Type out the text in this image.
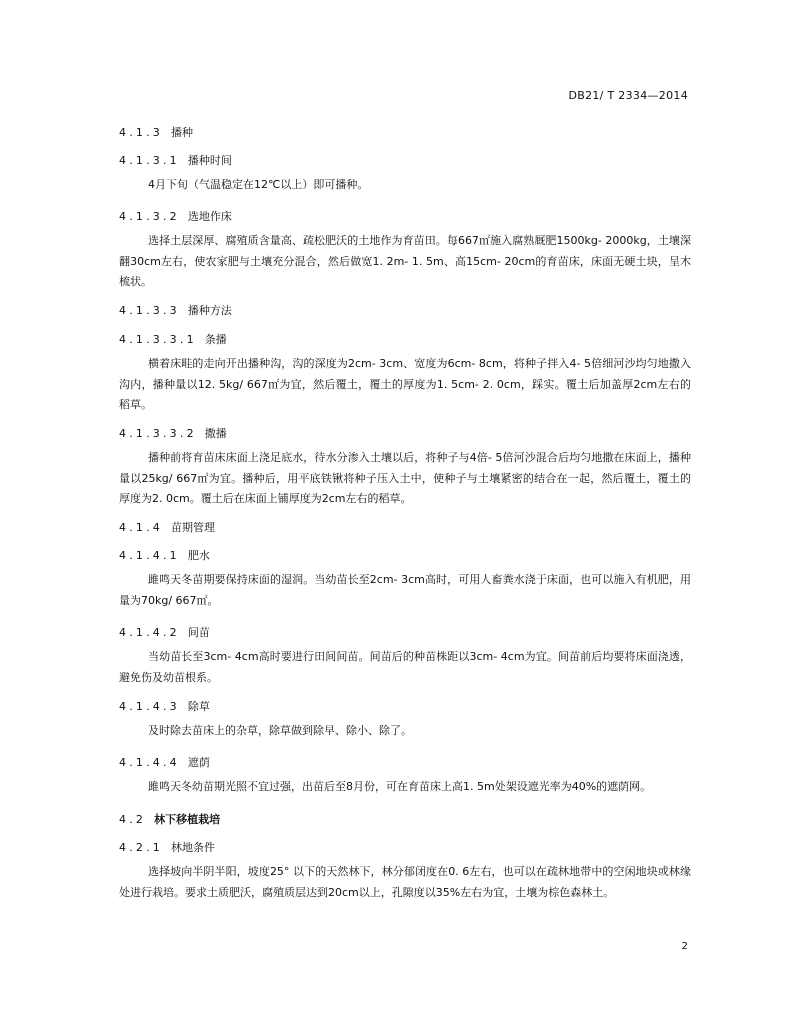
DB21/ T 2334—2014
4.1.3 播种
4.1.3.1 播种时间
4月下旬（气温稳定在12℃以上）即可播种。
4.1.3.2 选地作床
选择土层深厚、腐殖质含量高、疏松肥沃的土地作为育苗田。每667㎡施入腐熟厩肥1500kg- 2000kg，土壤深翻30cm左右，使农家肥与土壤充分混合，然后做宽1. 2m- 1. 5m、高15cm- 20cm的育苗床，床面无硬土块，呈木梳状。
4.1.3.3 播种方法
4.1.3.3.1 条播
横着床畦的走向开出播种沟，沟的深度为2cm- 3cm、宽度为6cm- 8cm，将种子拌入4- 5倍细河沙均匀地撒入沟内，播种量以12. 5kg/ 667㎡为宜，然后覆土，覆土的厚度为1. 5cm- 2. 0cm，踩实。覆土后加盖厚2cm左右的稻草。
4.1.3.3.2 撒播
播种前将育苗床床面上浇足底水，待水分渗入土壤以后，将种子与4倍- 5倍河沙混合后均匀地撒在床面上，播种量以25kg/ 667㎡为宜。播种后，用平底铁锹将种子压入土中，使种子与土壤紧密的结合在一起，然后覆土，覆土的厚度为2. 0cm。覆土后在床面上铺厚度为2cm左右的稻草。
4.1.4 苗期管理
4.1.4.1 肥水
雎鸣天冬苗期要保持床面的湿润。当幼苗长至2cm- 3cm高时，可用人畜粪水浇于床面，也可以施入有机肥，用量为70kg/ 667㎡。
4.1.4.2 间苗
当幼苗长至3cm- 4cm高时要进行田间间苗。间苗后的种苗株距以3cm- 4cm为宜。间苗前后均要将床面浇透，避免伤及幼苗根系。
4.1.4.3 除草
及时除去苗床上的杂草，除草做到除早、除小、除了。
4.1.4.4 遮荫
雎鸣天冬幼苗期光照不宜过强，出苗后至8月份，可在育苗床上高1. 5m处架设遮光率为40%的遮荫网。
4.2 林下移植栽培
4.2.1 林地条件
选择坡向半阴半阳，坡度25° 以下的天然林下，林分郁闭度在0. 6左右，也可以在疏林地带中的空闲地块或林缘处进行栽培。要求土质肥沃，腐殖质层达到20cm以上，孔隙度以35%左右为宜，土壤为棕色森林土。
2
